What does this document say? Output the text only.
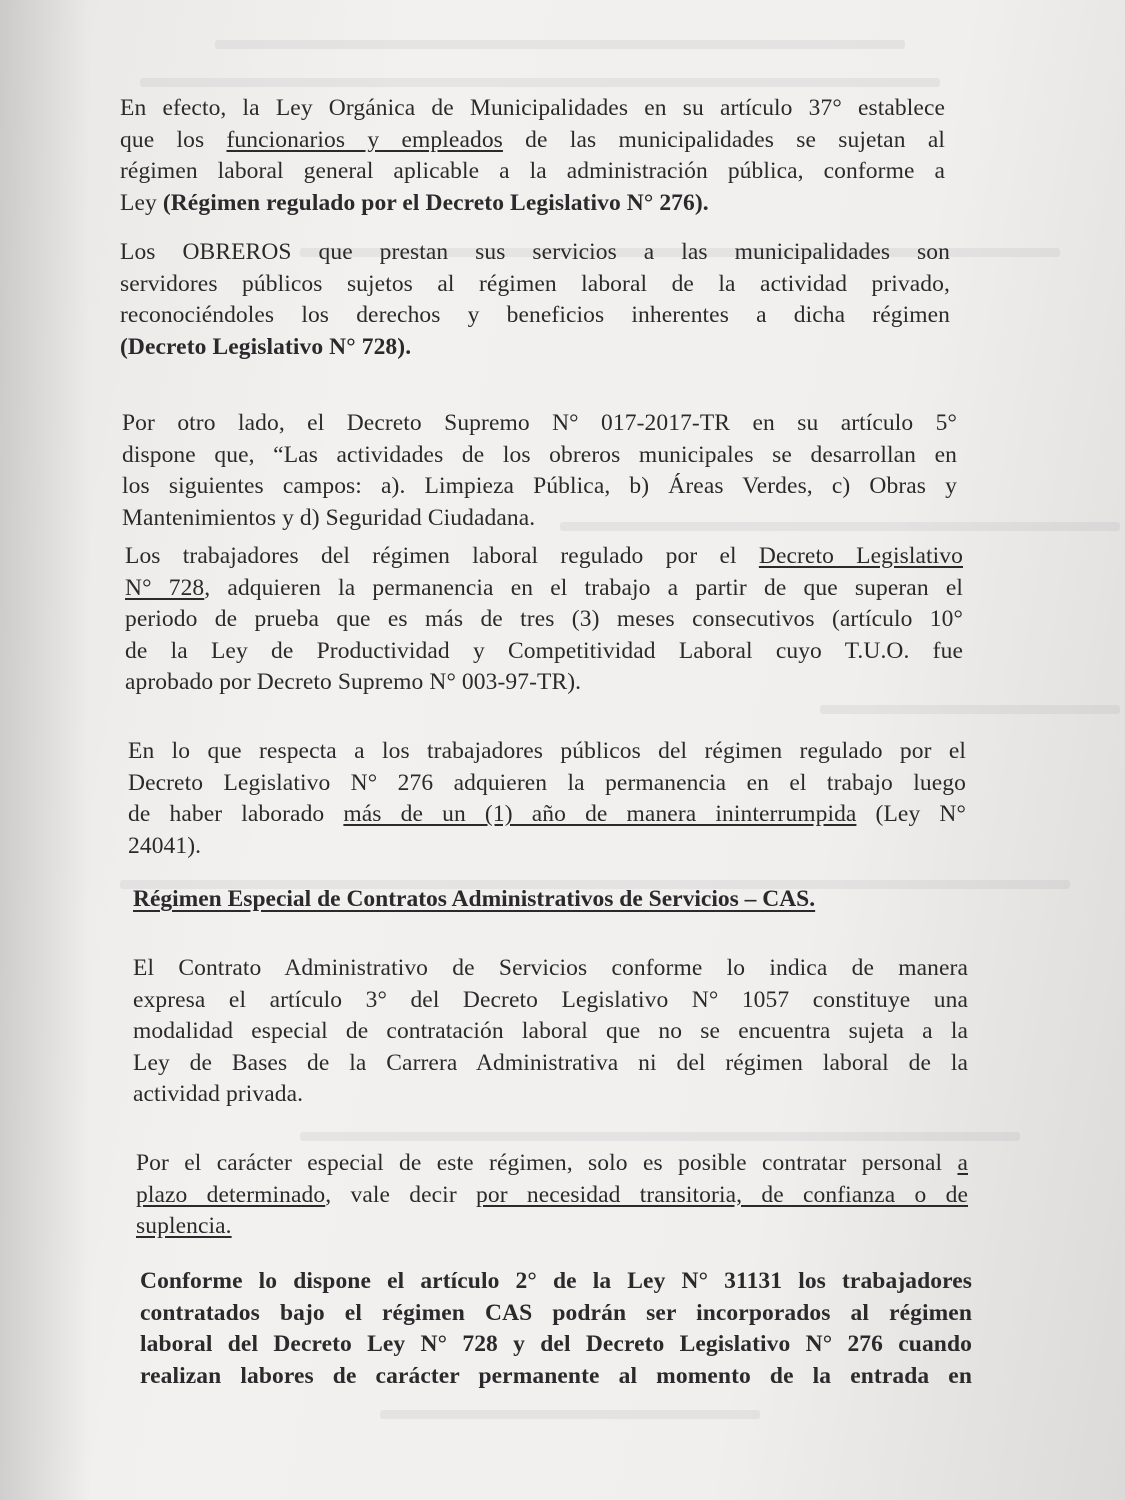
En efecto, la Ley Orgánica de Municipalidades en su artículo 37° establece
que los funcionarios y empleados de las municipalidades se sujetan al
régimen laboral general aplicable a la administración pública, conforme a
Ley (Régimen regulado por el Decreto Legislativo N° 276).
Los OBREROS que prestan sus servicios a las municipalidades son
servidores públicos sujetos al régimen laboral de la actividad privado,
reconociéndoles los derechos y beneficios inherentes a dicha régimen
(Decreto Legislativo N° 728).
Por otro lado, el Decreto Supremo N° 017-2017-TR en su artículo 5°
dispone que, “Las actividades de los obreros municipales se desarrollan en
los siguientes campos: a). Limpieza Pública, b) Áreas Verdes, c) Obras y
Mantenimientos y d) Seguridad Ciudadana.
Los trabajadores del régimen laboral regulado por el Decreto Legislativo
N° 728, adquieren la permanencia en el trabajo a partir de que superan el
periodo de prueba que es más de tres (3) meses consecutivos (artículo 10°
de la Ley de Productividad y Competitividad Laboral cuyo T.U.O. fue
aprobado por Decreto Supremo N° 003-97-TR).
En lo que respecta a los trabajadores públicos del régimen regulado por el
Decreto Legislativo N° 276 adquieren la permanencia en el trabajo luego
de haber laborado más de un (1) año de manera ininterrumpida (Ley N°
24041).
Régimen Especial de Contratos Administrativos de Servicios – CAS.
El Contrato Administrativo de Servicios conforme lo indica de manera
expresa el artículo 3° del Decreto Legislativo N° 1057 constituye una
modalidad especial de contratación laboral que no se encuentra sujeta a la
Ley de Bases de la Carrera Administrativa ni del régimen laboral de la
actividad privada.
Por el carácter especial de este régimen, solo es posible contratar personal a
plazo determinado, vale decir por necesidad transitoria, de confianza o de
suplencia.
Conforme lo dispone el artículo 2° de la Ley N° 31131 los trabajadores
contratados bajo el régimen CAS podrán ser incorporados al régimen
laboral del Decreto Ley N° 728 y del Decreto Legislativo N° 276 cuando
realizan labores de carácter permanente al momento de la entrada en
